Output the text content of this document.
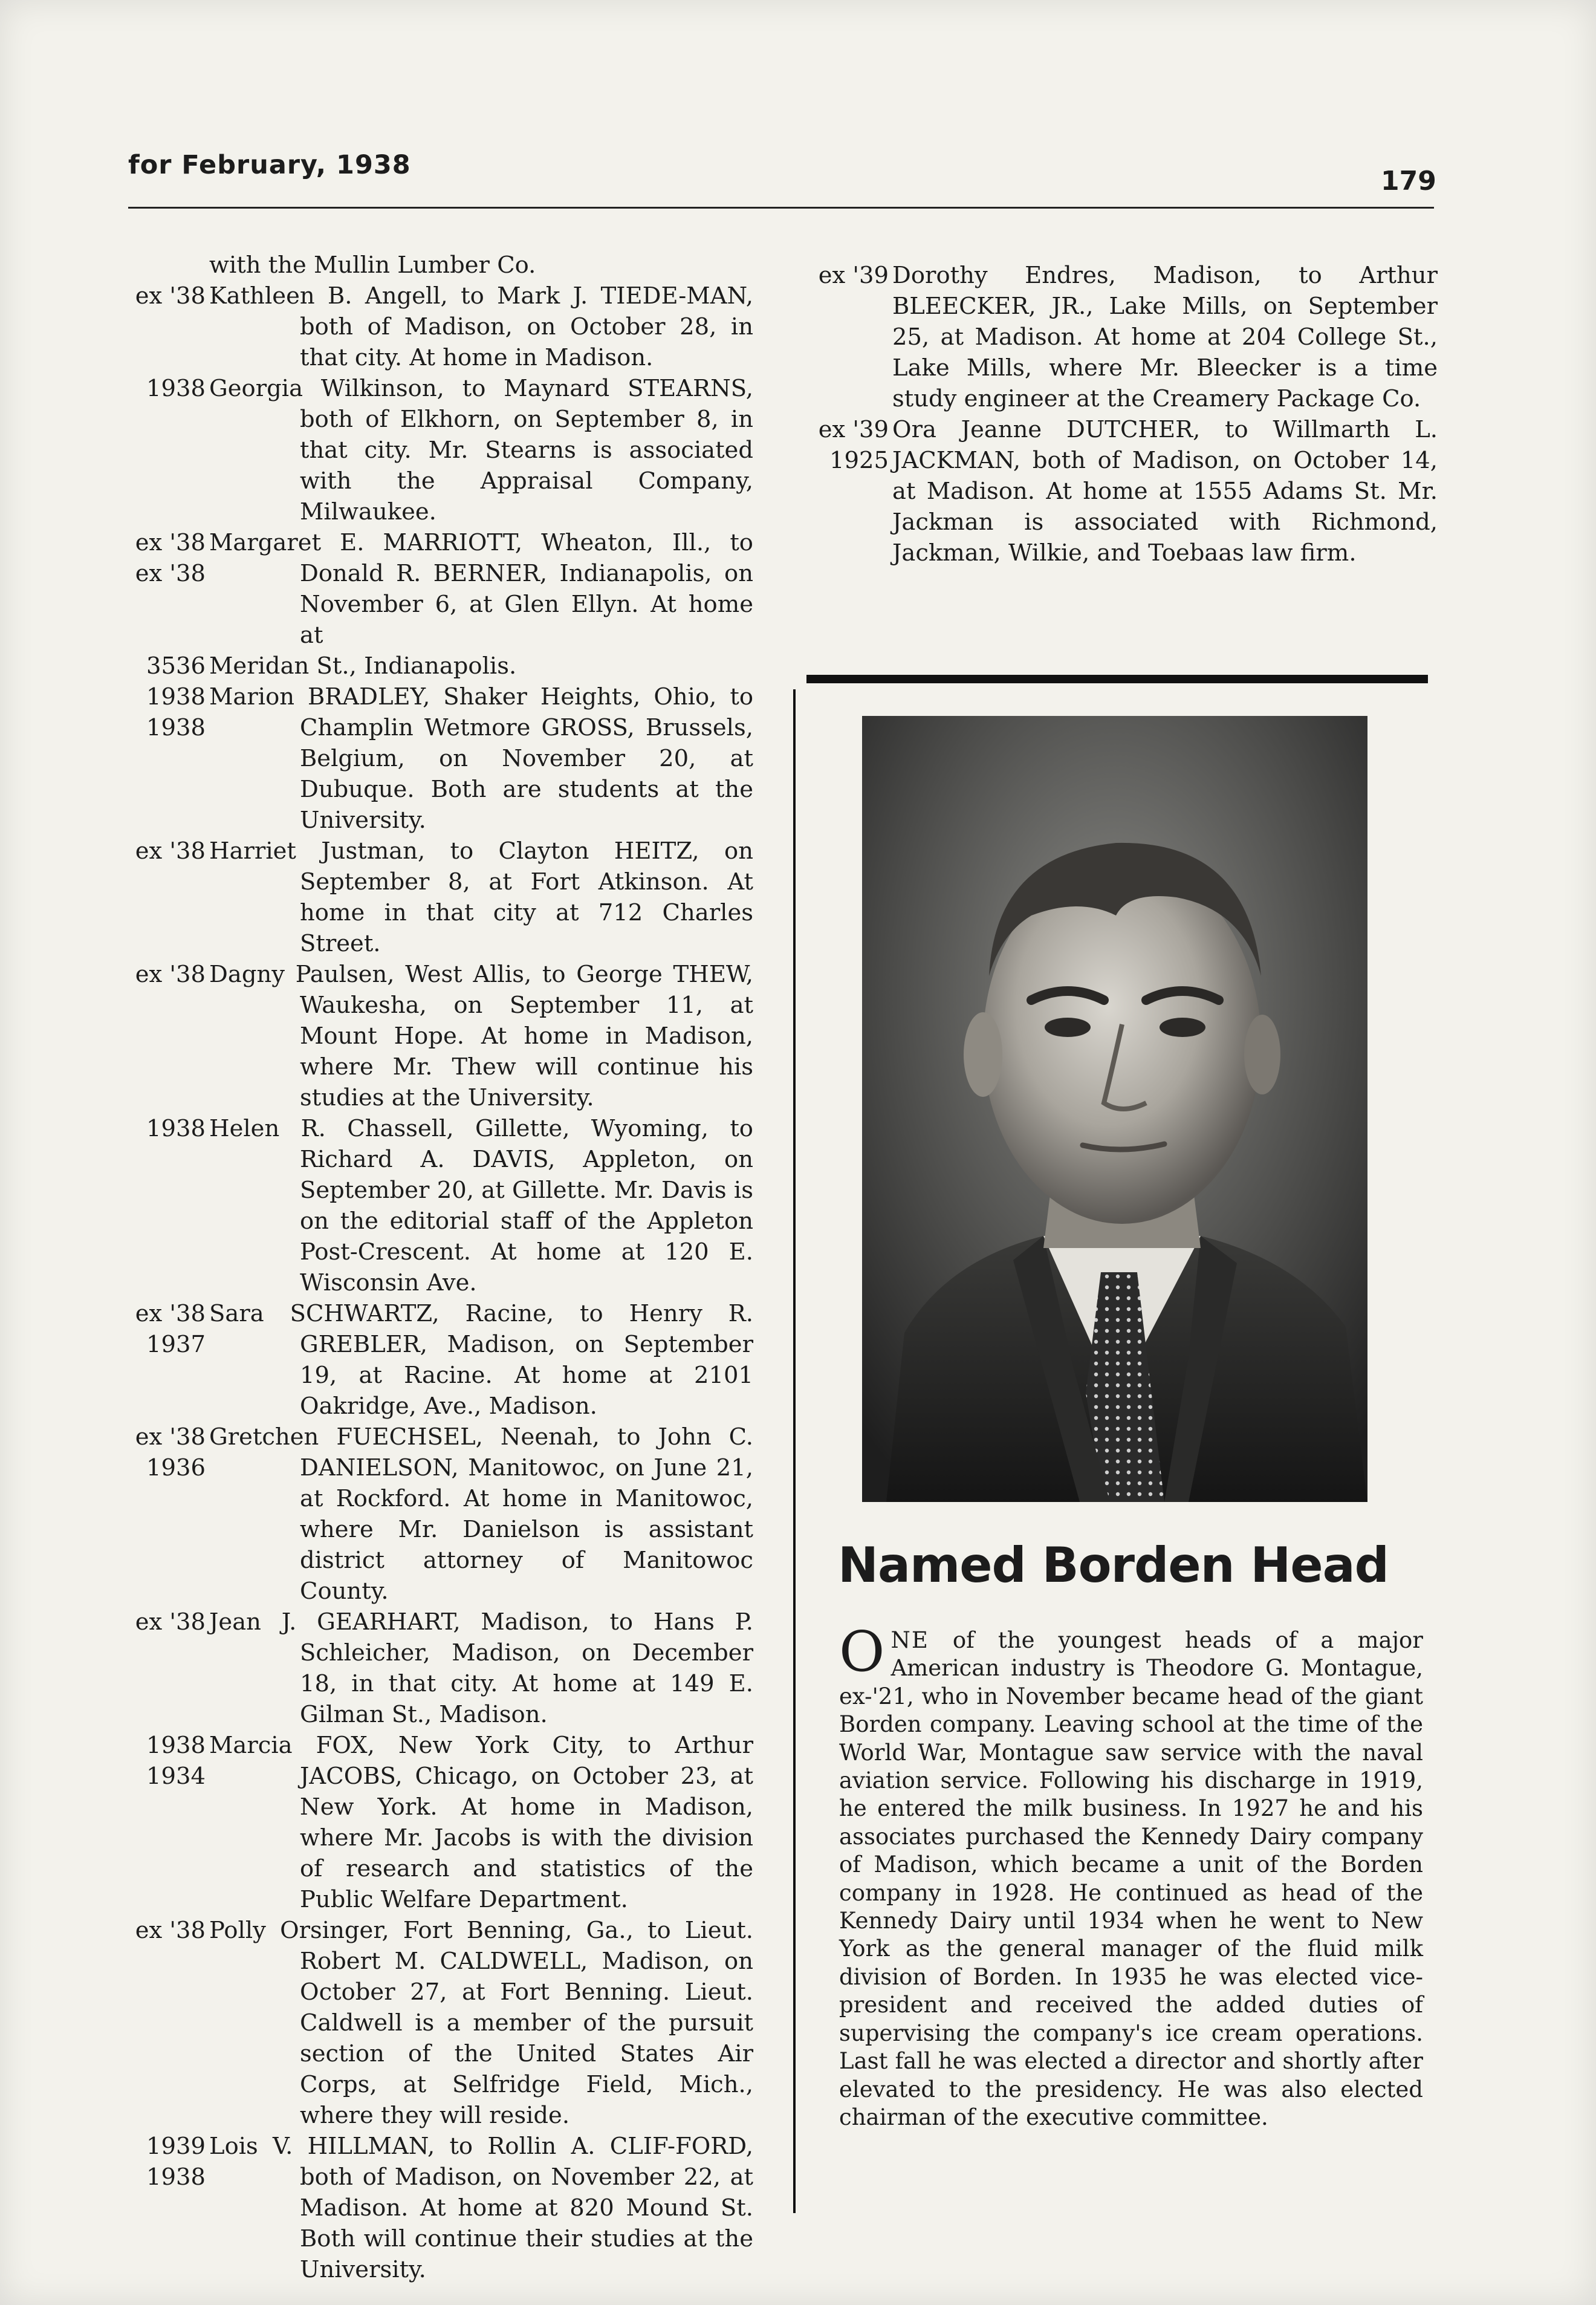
for February, 1938
179
with the Mullin Lumber Co.
ex '38 Kathleen B. Angell, to Mark J. TIEDE-MAN, both of Madison, on October 28, in that city. At home in Madison.
1938 Georgia Wilkinson, to Maynard STEARNS, both of Elkhorn, on September 8, in that city. Mr. Stearns is associated with the Appraisal Company, Milwaukee.
ex '38
ex '38
Margaret E. MARRIOTT, Wheaton, Ill., to Donald R. BERNER, Indianapolis, on November 6, at Glen Ellyn. At home at
3536 Meridan St., Indianapolis.
1938
1938
Marion BRADLEY, Shaker Heights, Ohio, to Champlin Wetmore GROSS, Brussels, Belgium, on November 20, at Dubuque. Both are students at the University.
ex '38 Harriet Justman, to Clayton HEITZ, on September 8, at Fort Atkinson. At home in that city at 712 Charles Street.
ex '38 Dagny Paulsen, West Allis, to George THEW, Waukesha, on September 11, at Mount Hope. At home in Madison, where Mr. Thew will continue his studies at the University.
1938 Helen R. Chassell, Gillette, Wyoming, to Richard A. DAVIS, Appleton, on September 20, at Gillette. Mr. Davis is on the editorial staff of the Appleton Post-Crescent. At home at 120 E. Wisconsin Ave.
ex '38
1937
Sara SCHWARTZ, Racine, to Henry R. GREBLER, Madison, on September 19, at Racine. At home at 2101 Oakridge, Ave., Madison.
ex '38
1936
Gretchen FUECHSEL, Neenah, to John C. DANIELSON, Manitowoc, on June 21, at Rockford. At home in Manitowoc, where Mr. Danielson is assistant district attorney of Manitowoc County.
ex '38 Jean J. GEARHART, Madison, to Hans P. Schleicher, Madison, on December 18, in that city. At home at 149 E. Gilman St., Madison.
1938
1934
Marcia FOX, New York City, to Arthur JACOBS, Chicago, on October 23, at New York. At home in Madison, where Mr. Jacobs is with the division of research and statistics of the Public Welfare Department.
ex '38 Polly Orsinger, Fort Benning, Ga., to Lieut. Robert M. CALDWELL, Madison, on October 27, at Fort Benning. Lieut. Caldwell is a member of the pursuit section of the United States Air Corps, at Selfridge Field, Mich., where they will reside.
1939
1938
Lois V. HILLMAN, to Rollin A. CLIF-FORD, both of Madison, on November 22, at Madison. At home at 820 Mound St. Both will continue their studies at the University.
ex '39 Dorothy Endres, Madison, to Arthur BLEECKER, JR., Lake Mills, on September 25, at Madison. At home at 204 College St., Lake Mills, where Mr. Bleecker is a time study engineer at the Creamery Package Co.
ex '39
1925
Ora Jeanne DUTCHER, to Willmarth L. JACKMAN, both of Madison, on October 14, at Madison. At home at 1555 Adams St. Mr. Jackman is associated with Richmond, Jackman, Wilkie, and Toebaas law firm.
Named Borden Head
ONE of the youngest heads of a major American industry is Theodore G. Montague, ex-'21, who in November became head of the giant Borden company. Leaving school at the time of the World War, Montague saw service with the naval aviation service. Following his discharge in 1919, he entered the milk business. In 1927 he and his associates purchased the Kennedy Dairy company of Madison, which became a unit of the Borden company in 1928. He continued as head of the Kennedy Dairy until 1934 when he went to New York as the general manager of the fluid milk division of Borden. In 1935 he was elected vice-president and received the added duties of supervising the company's ice cream operations. Last fall he was elected a director and shortly after elevated to the presidency. He was also elected chairman of the executive committee.
